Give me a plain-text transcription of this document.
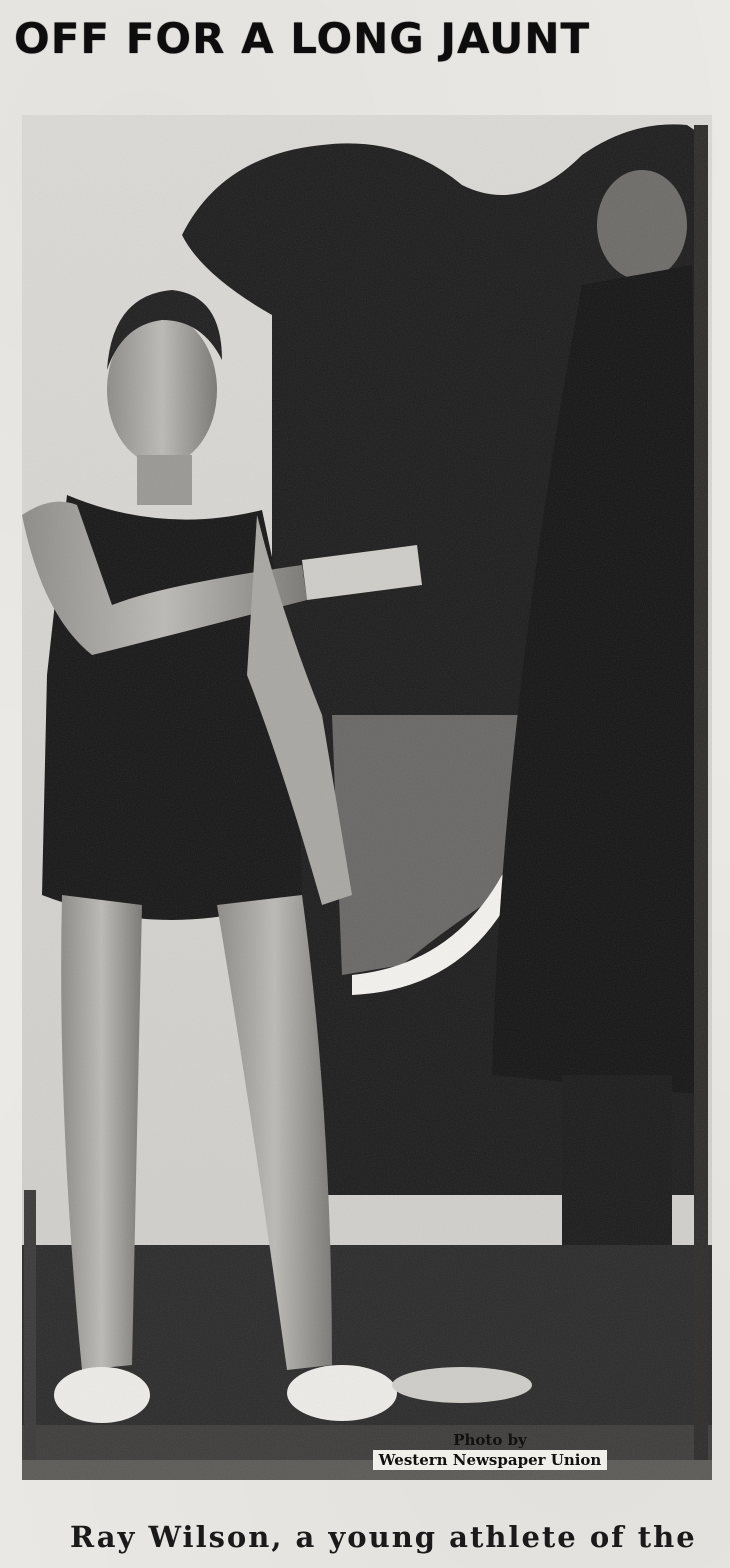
OFF FOR A LONG JAUNT
Photo by
Western Newspaper Union

Ray Wilson, a young athlete of the
